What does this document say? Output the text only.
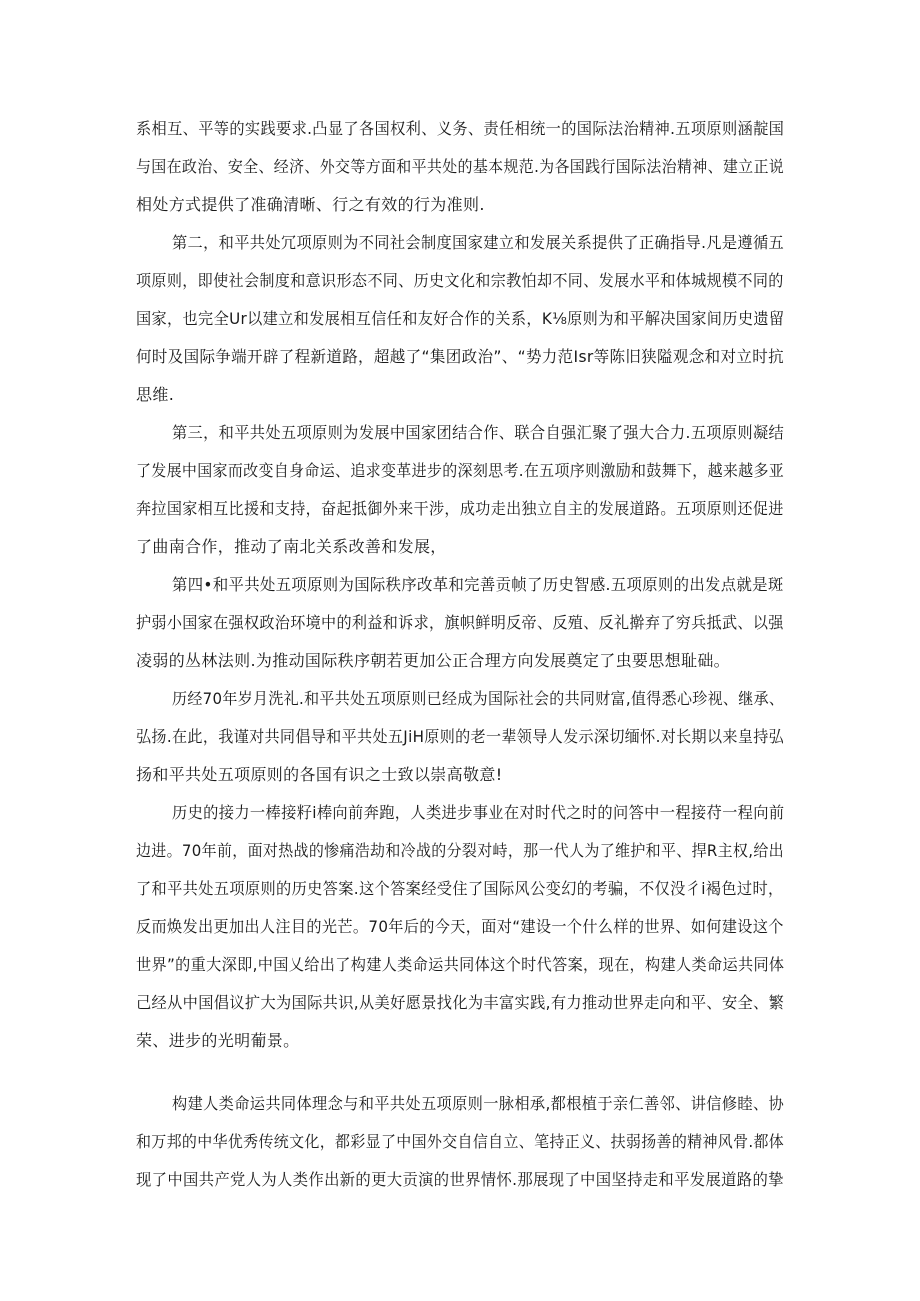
系相互、平等的实践要求.凸显了各国权利、义务、责任相统一的国际法治精神.五项原则涵靛国

与国在政治、安全、经济、外交等方面和平共处的基本规范.为各国践行国际法治精神、建立正说

相处方式提供了准确清晰、行之有效的行为准则.

第二，和平共处冗项原则为不同社会制度国家建立和发展关系提供了正确指导.凡是遵循五

项原则，即使社会制度和意识形态不同、历史文化和宗教怕却不同、发展水平和体城规模不同的

国家，也完全Ur以建立和发展相互信任和友好合作的关系，K⅛原则为和平解决国家间历史遗留

何时及国际争端开辟了程新道路，超越了“集团政治”、“势力范Isr等陈旧狭隘观念和对立时抗

思维.

第三，和平共处五项原则为发展中国家团结合作、联合自强汇聚了强大合力.五项原则凝结

了发展中国家而改变自身命运、追求变革进步的深刻思考.在五项序则激励和鼓舞下，越来越多亚

奔拉国家相互比援和支持，奋起抵御外来干涉，成功走出独立自主的发展道路。五项原则还促进

了曲南合作，推动了南北关系改善和发展，

第四•和平共处五项原则为国际秩序改革和完善贡帧了历史智感.五项原则的出发点就是斑

护弱小国家在强权政治环境中的利益和诉求，旗帜鲜明反帝、反殖、反礼擀弃了穷兵抵武、以强

凌弱的丛林法则.为推动国际秩序朝若更加公正合理方向发展奠定了虫要思想耻础。

历经70年岁月洗礼.和平共处五项原则已经成为国际社会的共同财富,值得悉心珍视、继承、

弘扬.在此，我谨对共同倡导和平共处五JiH原则的老一辈领导人发示深切缅怀.对长期以来皇持弘

扬和平共处五项原则的各国有识之士致以崇高敬意!

历史的接力一棒接籽i棒向前奔跑，人类进步事业在对时代之时的问答中一程接苻一程向前

边进。70年前，面对热战的惨痛浩劫和冷战的分裂对峙，那一代人为了维护和平、捍R主权,给出

了和平共处五项原则的历史答案.这个答案经受住了国际风公变幻的考骗，不仅没彳i褐色过时，

反而焕发出更加出人注目的光芒。70年后的今天，面对“建设一个什么样的世界、如何建设这个

世界”的重大深即,中国乂给出了构建人类命运共同体这个时代答案，现在，构建人类命运共同体

己经从中国倡议扩大为国际共识,从美好愿景找化为丰富实践,有力推动世界走向和平、安全、繁

荣、进步的光明葡景。

构建人类命运共同体理念与和平共处五项原则一脉相承,都根植于亲仁善邻、讲信修睦、协

和万邦的中华优秀传统文化，都彩显了中国外交自信自立、笔持正义、扶弱扬善的精神风骨.都体

现了中国共产党人为人类作出新的更大贡演的世界情怀.那展现了中国坚持走和平发展道路的挚
